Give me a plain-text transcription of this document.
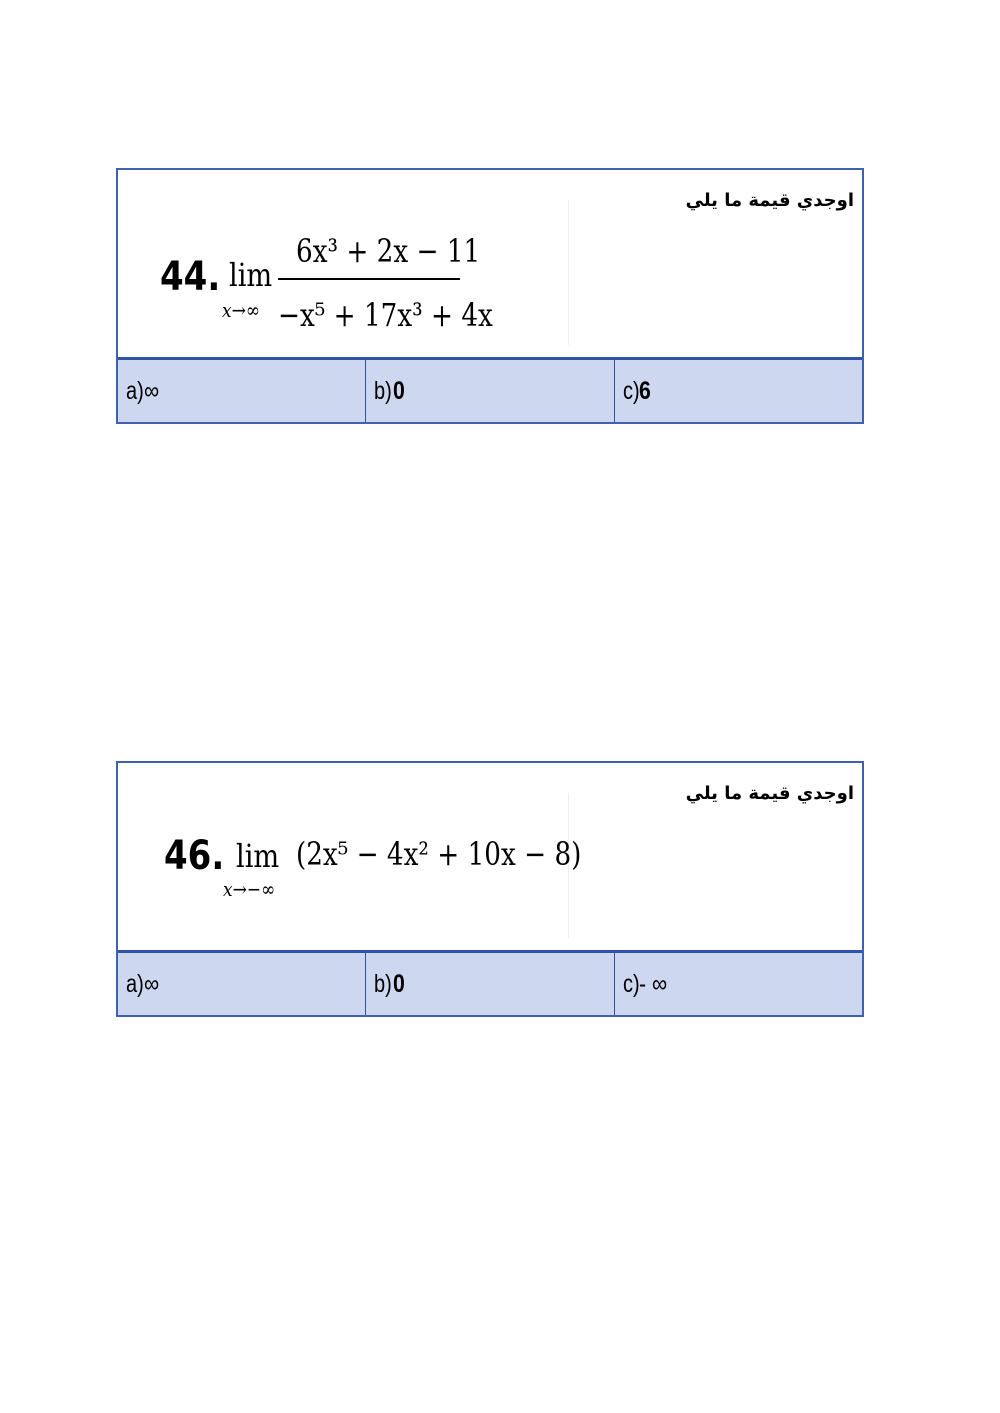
اوجدي قيمة ما يلي
44. lim
x→∞
6x³ + 2x − 11
−x⁵ + 17x³ + 4x
a) ∞	b) 0	c) 6
اوجدي قيمة ما يلي
46. lim
x→−∞
(2x⁵ − 4x² + 10x − 8)
a) ∞	b) 0	c) - ∞
